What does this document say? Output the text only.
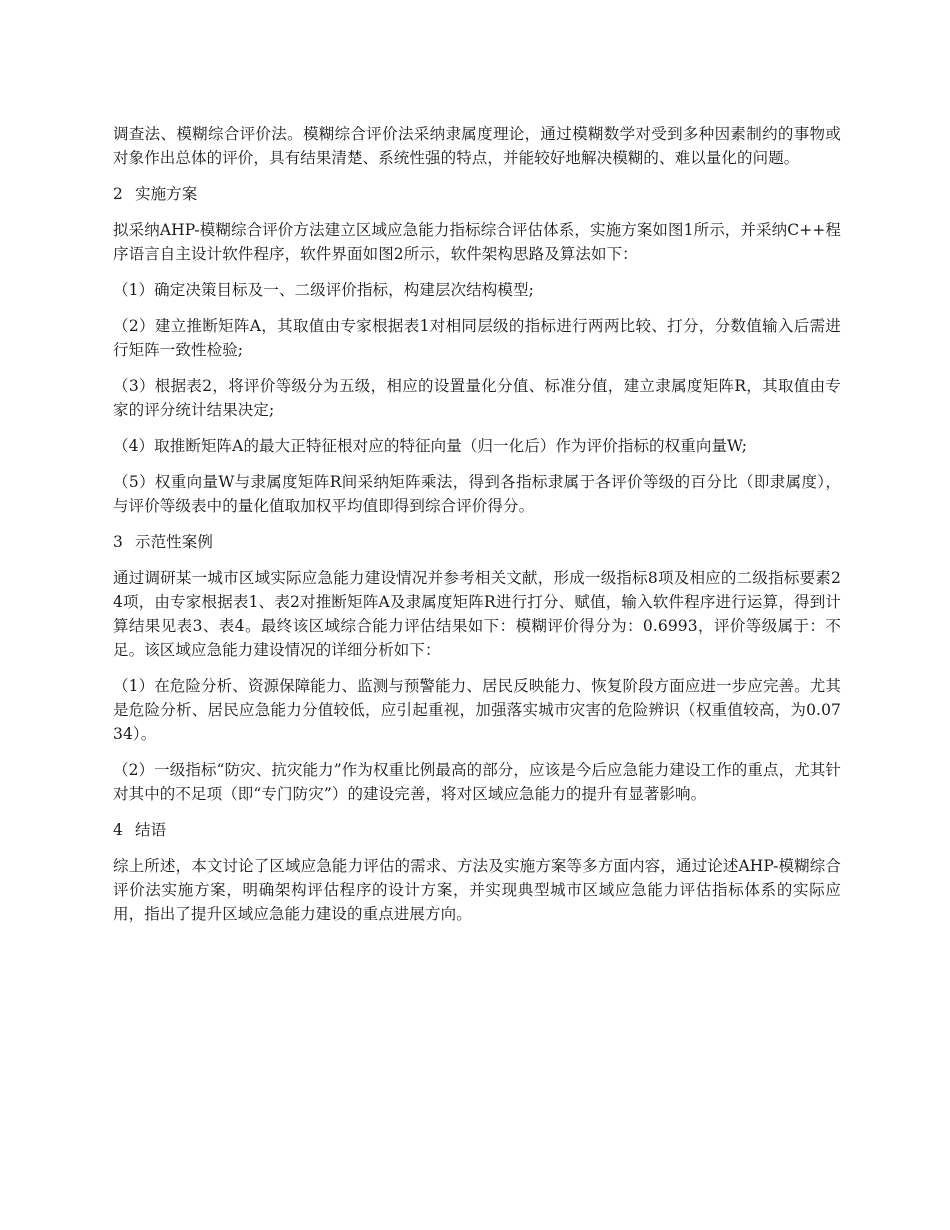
调查法、模糊综合评价法。模糊综合评价法采纳隶属度理论，通过模糊数学对受到多种因素制约的事物或对象作出总体的评价，具有结果清楚、系统性强的特点，并能较好地解决模糊的、难以量化的问题。

2 实施方案

拟采纳AHP-模糊综合评价方法建立区域应急能力指标综合评估体系，实施方案如图1所示，并采纳C++程序语言自主设计软件程序，软件界面如图2所示，软件架构思路及算法如下：

（1）确定决策目标及一、二级评价指标，构建层次结构模型;

（2）建立推断矩阵A，其取值由专家根据表1对相同层级的指标进行两两比较、打分，分数值输入后需进行矩阵一致性检验;

（3）根据表2，将评价等级分为五级，相应的设置量化分值、标准分值，建立隶属度矩阵R，其取值由专家的评分统计结果决定;

（4）取推断矩阵A的最大正特征根对应的特征向量（归一化后）作为评价指标的权重向量W;

（5）权重向量W与隶属度矩阵R间采纳矩阵乘法，得到各指标隶属于各评价等级的百分比（即隶属度），与评价等级表中的量化值取加权平均值即得到综合评价得分。

3 示范性案例

通过调研某一城市区域实际应急能力建设情况并参考相关文献，形成一级指标8项及相应的二级指标要素24项，由专家根据表1、表2对推断矩阵A及隶属度矩阵R进行打分、赋值，输入软件程序进行运算，得到计算结果见表3、表4。最终该区域综合能力评估结果如下：模糊评价得分为：0.6993，评价等级属于：不足。该区域应急能力建设情况的详细分析如下：

（1）在危险分析、资源保障能力、监测与预警能力、居民反映能力、恢复阶段方面应进一步应完善。尤其是危险分析、居民应急能力分值较低，应引起重视，加强落实城市灾害的危险辨识（权重值较高，为0.0734）。

（2）一级指标“防灾、抗灾能力”作为权重比例最高的部分，应该是今后应急能力建设工作的重点，尤其针对其中的不足项（即“专门防灾”）的建设完善，将对区域应急能力的提升有显著影响。

4 结语

综上所述，本文讨论了区域应急能力评估的需求、方法及实施方案等多方面内容，通过论述AHP-模糊综合评价法实施方案，明确架构评估程序的设计方案，并实现典型城市区域应急能力评估指标体系的实际应用，指出了提升区域应急能力建设的重点进展方向。
